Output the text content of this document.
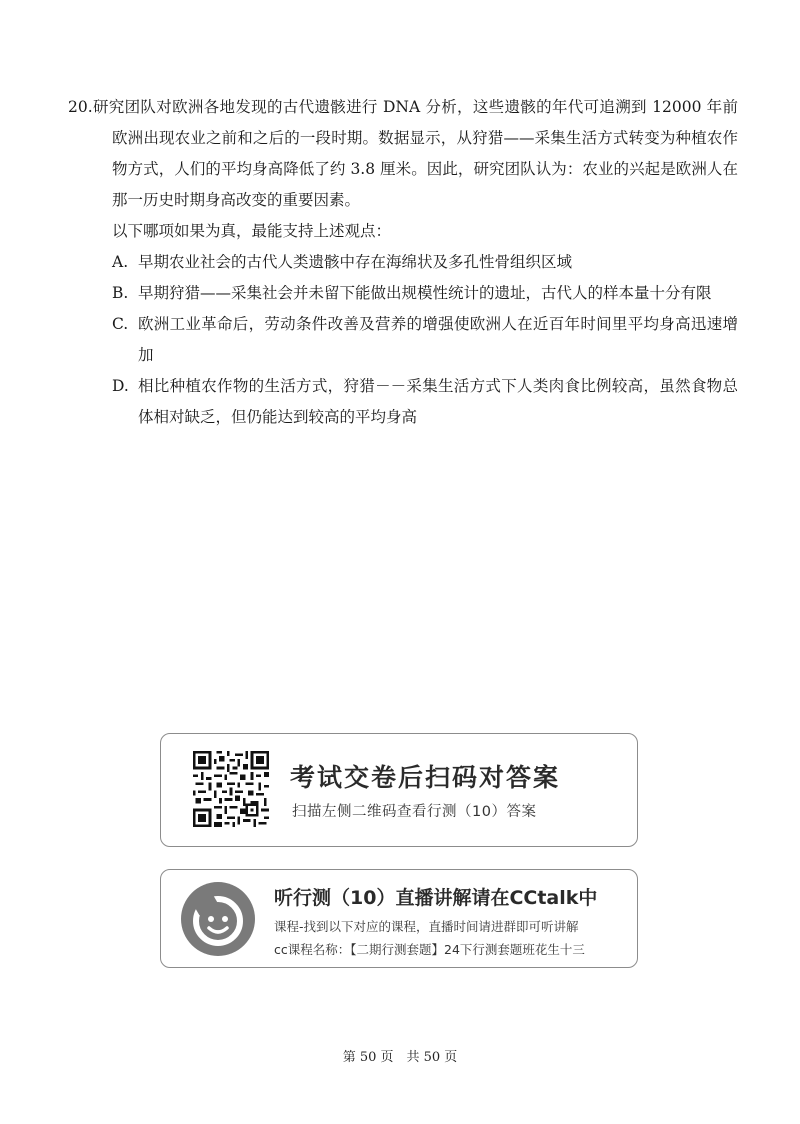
20.研究团队对欧洲各地发现的古代遗骸进行 DNA 分析，这些遗骸的年代可追溯到 12000 年前欧洲出现农业之前和之后的一段时期。数据显示，从狩猎——采集生活方式转变为种植农作物方式，人们的平均身高降低了约 3.8 厘米。因此，研究团队认为：农业的兴起是欧洲人在那一历史时期身高改变的重要因素。

以下哪项如果为真，最能支持上述观点：

A. 早期农业社会的古代人类遗骸中存在海绵状及多孔性骨组织区域
B. 早期狩猎——采集社会并未留下能做出规模性统计的遗址，古代人的样本量十分有限
C. 欧洲工业革命后，劳动条件改善及营养的增强使欧洲人在近百年时间里平均身高迅速增加
D. 相比种植农作物的生活方式，狩猎－－采集生活方式下人类肉食比例较高，虽然食物总体相对缺乏，但仍能达到较高的平均身高
考试交卷后扫码对答案
扫描左侧二维码查看行测（10）答案
听行测（10）直播讲解请在CCtalk中
课程-找到以下对应的课程，直播时间请进群即可听讲解
cc课程名称：【二期行测套题】24下行测套题班花生十三
第 50 页　共 50 页
